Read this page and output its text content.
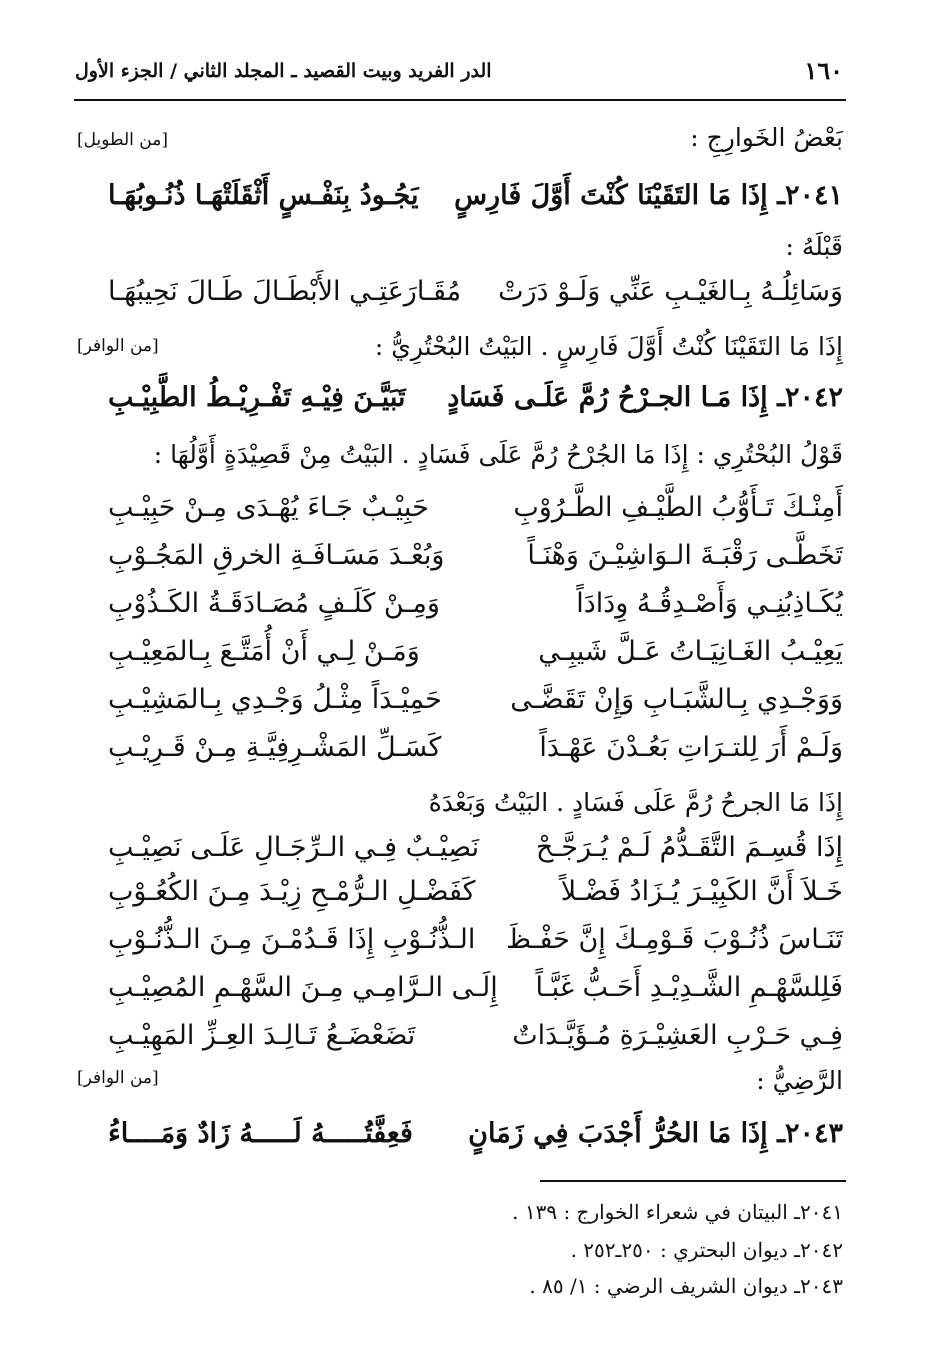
١٦٠
الدر الفريد وبيت القصيد ـ المجلد الثاني / الجزء الأول
بَعْضُ الخَوارِجِ :
[من الطويل]
٢٠٤١ـ إِذَا مَا التَقَيْنَا كُنْتَ أَوَّلَ فَارِسٍ
يَجُـودُ بِنَفْـسٍ أَثْقَلَتْهَـا ذُنُـوبُهَـا
قَبْلَهُ :
وَسَائِلُـهُ بِـالغَيْـبِ عَنِّي وَلَـوْ دَرَتْ
مُقَـارَعَتِـي الأَبْطَـالَ طَـالَ نَحِيبُهَـا
إِذَا مَا التَقَيْنَا كُنْتُ أَوَّلَ فَارِسٍ . البَيْتُ البُحْتُرِيُّ :
[من الوافر]
٢٠٤٢ـ إِذَا مَـا الجـرْحُ رُمَّ عَلَـى فَسَادٍ
تَبَيَّـنَ فِيْـهِ تَفْـرِيْـطُ الطَّبِيْـبِ
قَوْلُ البُحْتُرِي : إِذَا مَا الجُرْحُ رُمَّ عَلَى فَسَادٍ . البَيْتُ مِنْ قَصِيْدَةٍ أَوَّلُهَا :
أَمِنْـكَ تَـأَوُّبُ الطَّيْـفِ الطَّـرُوْبِ
حَبِيْـبٌ جَـاءَ يُهْـدَى مِـنْ حَبِيْـبِ
تَخَطَّـى رَقْبَـةَ الـوَاشِيْـنَ وَهْنَـاً
وَبُعْـدَ مَسَـافَـةِ الخرقِ المَجُـوْبِ
يُكَـاذِبُنِـي وَأَصْـدِقُـهُ وِدَادَاً
وَمِـنْ كَلَـفٍ مُصَـادَقَـةُ الكَـذُوْبِ
يَعِيْـبُ الغَـانِيَـاتُ عَـلَّ شَيبِـي
وَمَـنْ لِـي أَنْ أُمَتَّـعَ بِـالمَعِيْـبِ
وَوَجْـدِي بِـالشَّبَـابِ وَإِنْ تَقَضَّـى
حَمِيْـدَاً مِثْـلُ وَجْـدِي بِـالمَشِيْـبِ
وَلَـمْ أَرَ لِلتـرَاتِ بَعُـدْنَ عَهْـدَاً
كَسَـلِّ المَشْـرِفِيَّـةِ مِـنْ قَـرِيْـبِ
إِذَا مَا الجرحُ رُمَّ عَلَى فَسَادٍ . البَيْتُ وَبَعْدَهُ
إِذَا قُسِـمَ التَّقَـدُّمُ لَـمْ يُـرَجَّـحْ
نَصِيْـبٌ فِـي الـرِّجَـالِ عَلَـى نَصِيْـبِ
خَـلاَ أَنَّ الكَبِيْـرَ يُـزَادُ فَضْـلاً
كَفَضْـلِ الـرُّمْـحِ زِيْـدَ مِـنَ الكُعُـوْبِ
تَنَـاسَ ذُنُـوْبَ قَـوْمِـكَ إِنَّ حَفْـظَ
الـذُّنُـوْبِ إِذَا قَـدُمْـنَ مِـنَ الـذُّنُـوْبِ
فَلِلسَّهْـمِ الشَّـدِيْـدِ أَحَـبُّ غَبَّـاً
إِلَـى الـرَّامِـي مِـنَ السَّهْـمِ المُصِيْـبِ
فِـي حَـرْبِ العَشِيْـرَةِ مُـؤَيَّـدَاتٌ
تَضَعْضَـعُ تَـالِـدَ العِـزِّ المَهِيْـبِ
الرَّضِيُّ :
[من الوافر]
٢٠٤٣ـ إِذَا مَا الحُرُّ أَجْدَبَ فِي زَمَانٍ
فَعِفَّتُـــــهُ لَـــــهُ زَادٌ وَمَــــاءُ
٢٠٤١ـ البيتان في شعراء الخوارج : ١٣٩ .
٢٠٤٢ـ ديوان البحتري : ٢٥٠ـ٢٥٢ .
٢٠٤٣ـ ديوان الشريف الرضي : ١/ ٨٥ .
